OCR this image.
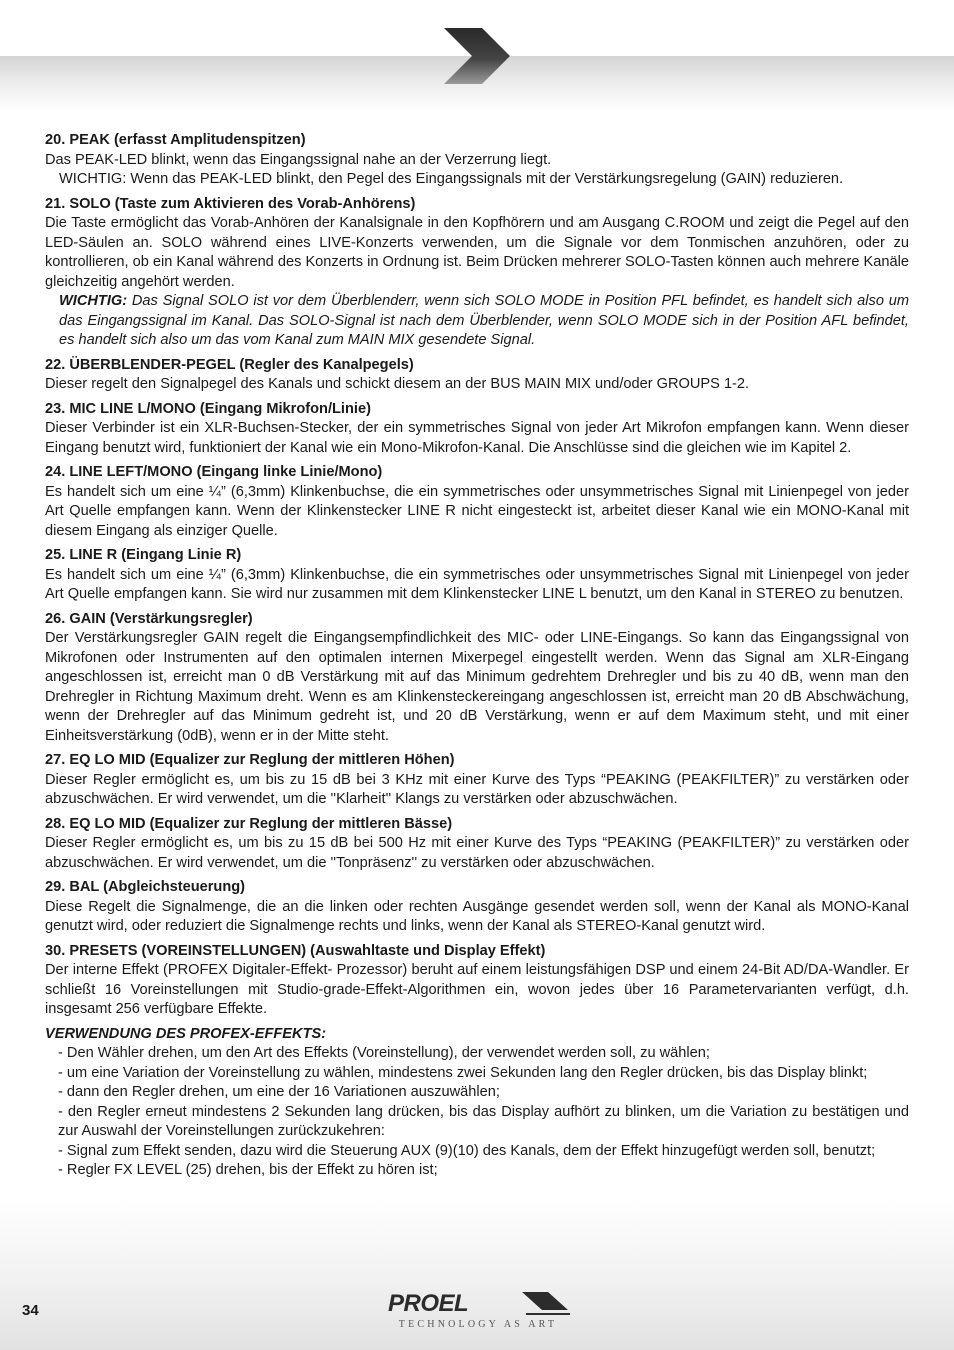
20. PEAK (erfasst Amplitudenspitzen)

Das PEAK-LED blinkt, wenn das Eingangssignal nahe an der Verzerrung liegt.

WICHTIG: Wenn das PEAK-LED blinkt, den Pegel des Eingangssignals mit der Verstärkungsregelung (GAIN) reduzieren.

21. SOLO (Taste zum Aktivieren des Vorab-Anhörens)

Die Taste ermöglicht das Vorab-Anhören der Kanalsignale in den Kopfhörern und am Ausgang C.ROOM und zeigt die Pegel auf den LED-Säulen an. SOLO während eines LIVE-Konzerts verwenden, um die Signale vor dem Tonmischen anzuhören, oder zu kontrollieren, ob ein Kanal während des Konzerts in Ordnung ist. Beim Drücken mehrerer SOLO-Tasten können auch mehrere Kanäle gleichzeitig angehört werden.

WICHTIG: Das Signal SOLO ist vor dem Überblenderr, wenn sich SOLO MODE in Position PFL befindet, es handelt sich also um das Eingangssignal im Kanal. Das SOLO-Signal ist nach dem Überblender, wenn SOLO MODE sich in der Position AFL befindet, es handelt sich also um das vom Kanal zum MAIN MIX gesendete Signal.

22. ÜBERBLENDER-PEGEL (Regler des Kanalpegels)

Dieser regelt den Signalpegel des Kanals und schickt diesem an der BUS MAIN MIX und/oder GROUPS 1-2.

23. MIC LINE L/MONO (Eingang Mikrofon/Linie)

Dieser Verbinder ist ein XLR-Buchsen-Stecker, der ein symmetrisches Signal von jeder Art Mikrofon empfangen kann. Wenn dieser Eingang benutzt wird, funktioniert der Kanal wie ein Mono-Mikrofon-Kanal. Die Anschlüsse sind die gleichen wie im Kapitel 2.

24. LINE LEFT/MONO (Eingang linke Linie/Mono)

Es handelt sich um eine ¼” (6,3mm) Klinkenbuchse, die ein symmetrisches oder unsymmetrisches Signal mit Linienpegel von jeder Art Quelle empfangen kann. Wenn der Klinkenstecker LINE R nicht eingesteckt ist, arbeitet dieser Kanal wie ein MONO-Kanal mit diesem Eingang als einziger Quelle.

25. LINE R (Eingang Linie R)

Es handelt sich um eine ¼” (6,3mm) Klinkenbuchse, die ein symmetrisches oder unsymmetrisches Signal mit Linienpegel von jeder Art Quelle empfangen kann. Sie wird nur zusammen mit dem Klinkenstecker LINE L benutzt, um den Kanal in STEREO zu benutzen.

26. GAIN (Verstärkungsregler)

Der Verstärkungsregler GAIN regelt die Eingangsempfindlichkeit des MIC- oder LINE-Eingangs. So kann das Eingangssignal von Mikrofonen oder Instrumenten auf den optimalen internen Mixerpegel eingestellt werden. Wenn das Signal am XLR-Eingang angeschlossen ist, erreicht man 0 dB Verstärkung mit auf das Minimum gedrehtem Drehregler und bis zu 40 dB, wenn man den Drehregler in Richtung Maximum dreht. Wenn es am Klinkensteckereingang angeschlossen ist, erreicht man 20 dB Abschwächung, wenn der Drehregler auf das Minimum gedreht ist, und 20 dB Verstärkung, wenn er auf dem Maximum steht, und mit einer Einheitsverstärkung (0dB), wenn er in der Mitte steht.

27. EQ LO MID (Equalizer zur Reglung der mittleren Höhen)

Dieser Regler ermöglicht es, um bis zu 15 dB bei 3 KHz mit einer Kurve des Typs “PEAKING (PEAKFILTER)” zu verstärken oder abzuschwächen. Er wird verwendet, um die ''Klarheit'' Klangs zu verstärken oder abzuschwächen.

28. EQ LO MID (Equalizer zur Reglung der mittleren Bässe)

Dieser Regler ermöglicht es, um bis zu 15 dB bei 500 Hz mit einer Kurve des Typs “PEAKING (PEAKFILTER)” zu verstärken oder abzuschwächen. Er wird verwendet, um die ''Tonpräsenz'' zu verstärken oder abzuschwächen.

29. BAL (Abgleichsteuerung)

Diese Regelt die Signalmenge, die an die linken oder rechten Ausgänge gesendet werden soll, wenn der Kanal als MONO-Kanal genutzt wird, oder reduziert die Signalmenge rechts und links, wenn der Kanal als STEREO-Kanal genutzt wird.

30. PRESETS (VOREINSTELLUNGEN) (Auswahltaste und Display Effekt)

Der interne Effekt (PROFEX Digitaler-Effekt- Prozessor) beruht auf einem leistungsfähigen DSP und einem 24-Bit AD/DA-Wandler. Er schließt 16 Voreinstellungen mit Studio-grade-Effekt-Algorithmen ein, wovon jedes über 16 Parametervarianten verfügt, d.h. insgesamt 256 verfügbare Effekte.

VERWENDUNG DES PROFEX-EFFEKTS:

- Den Wähler drehen, um den Art des Effekts (Voreinstellung), der verwendet werden soll, zu wählen;
- um eine Variation der Voreinstellung zu wählen, mindestens zwei Sekunden lang den Regler drücken, bis das Display blinkt;
- dann den Regler drehen, um eine der 16 Variationen auszuwählen;
- den Regler erneut mindestens 2 Sekunden lang drücken, bis das Display aufhört zu blinken, um die Variation zu bestätigen und zur Auswahl der Voreinstellungen zurückzukehren:
- Signal zum Effekt senden, dazu wird die Steuerung AUX (9)(10) des Kanals, dem der Effekt hinzugefügt werden soll, benutzt;
- Regler FX LEVEL (25) drehen, bis der Effekt zu hören ist;
34	PROEL
TECHNOLOGY AS ART
